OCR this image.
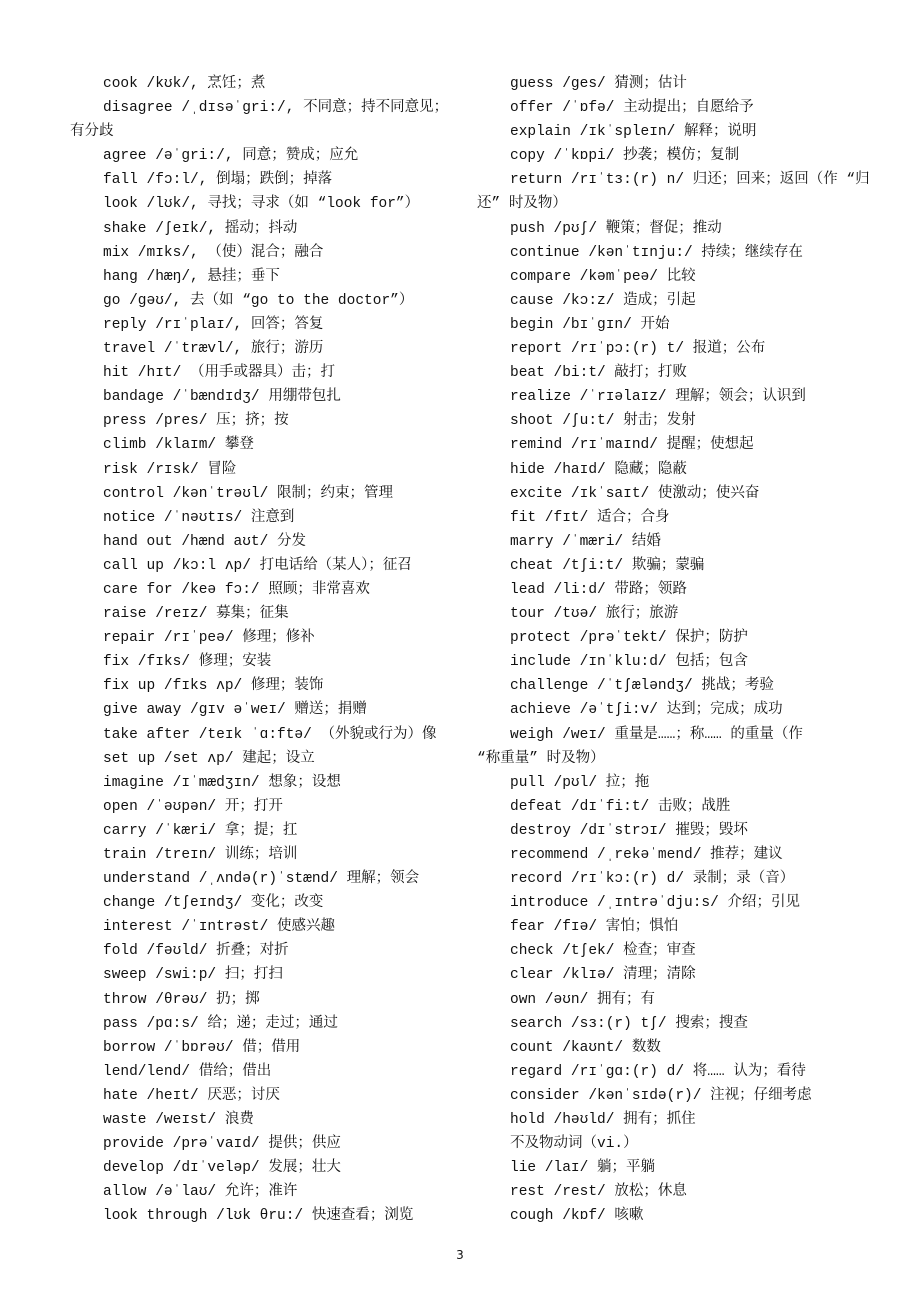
cook /kʊk/, 烹饪；煮
disagree /ˌdɪsəˈgri:/, 不同意；持不同意见；
有分歧
agree /əˈgri:/, 同意；赞成；应允
fall /fɔ:l/, 倒塌；跌倒；掉落
look /lʊk/, 寻找；寻求（如 “look for”）
shake /ʃeɪk/, 摇动；抖动
mix /mɪks/, （使）混合；融合
hang /hæŋ/, 悬挂；垂下
go /gəʊ/, 去（如 “go to the doctor”）
reply /rɪˈplaɪ/, 回答；答复
travel /ˈtrævl/, 旅行；游历
hit /hɪt/ （用手或器具）击；打
bandage /ˈbændɪdʒ/ 用绷带包扎
press /pres/ 压；挤；按
climb /klaɪm/ 攀登
risk /rɪsk/ 冒险
control /kənˈtrəʊl/ 限制；约束；管理
notice /ˈnəʊtɪs/ 注意到
hand out /hænd aʊt/ 分发
call up /kɔ:l ʌp/ 打电话给（某人）；征召
care for /keə fɔ:/ 照顾；非常喜欢
raise /reɪz/ 募集；征集
repair /rɪˈpeə/ 修理；修补
fix /fɪks/ 修理；安装
fix up /fɪks ʌp/ 修理；装饰
give away /gɪv əˈweɪ/ 赠送；捐赠
take after /teɪk ˈɑ:ftə/ （外貌或行为）像
set up /set ʌp/ 建起；设立
imagine /ɪˈmædʒɪn/ 想象；设想
open /ˈəʊpən/ 开；打开
carry /ˈkæri/ 拿；提；扛
train /treɪn/ 训练；培训
understand /ˌʌndə(r)ˈstænd/ 理解；领会
change /tʃeɪndʒ/ 变化；改变
interest /ˈɪntrəst/ 使感兴趣
fold /fəʊld/ 折叠；对折
sweep /swi:p/ 扫；打扫
throw /θrəʊ/ 扔；掷
pass /pɑ:s/ 给；递；走过；通过
borrow /ˈbɒrəʊ/ 借；借用
lend/lend/ 借给；借出
hate /heɪt/ 厌恶；讨厌
waste /weɪst/ 浪费
provide /prəˈvaɪd/ 提供；供应
develop /dɪˈveləp/ 发展；壮大
allow /əˈlaʊ/ 允许；准许
look through /lʊk θru:/ 快速查看；浏览
guess /ges/ 猜测；估计
offer /ˈɒfə/ 主动提出；自愿给予
explain /ɪkˈspleɪn/ 解释；说明
copy /ˈkɒpi/ 抄袭；模仿；复制
return /rɪˈtɜ:(r) n/ 归还；回来；返回（作 “归
还” 时及物）
push /pʊʃ/ 鞭策；督促；推动
continue /kənˈtɪnju:/ 持续；继续存在
compare /kəmˈpeə/ 比较
cause /kɔ:z/ 造成；引起
begin /bɪˈgɪn/ 开始
report /rɪˈpɔ:(r) t/ 报道；公布
beat /bi:t/ 敲打；打败
realize /ˈrɪəlaɪz/ 理解；领会；认识到
shoot /ʃu:t/ 射击；发射
remind /rɪˈmaɪnd/ 提醒；使想起
hide /haɪd/ 隐藏；隐蔽
excite /ɪkˈsaɪt/ 使激动；使兴奋
fit /fɪt/ 适合；合身
marry /ˈmæri/ 结婚
cheat /tʃi:t/ 欺骗；蒙骗
lead /li:d/ 带路；领路
tour /tʊə/ 旅行；旅游
protect /prəˈtekt/ 保护；防护
include /ɪnˈklu:d/ 包括；包含
challenge /ˈtʃæləndʒ/ 挑战；考验
achieve /əˈtʃi:v/ 达到；完成；成功
weigh /weɪ/ 重量是……；称…… 的重量（作
“称重量” 时及物）
pull /pʊl/ 拉；拖
defeat /dɪˈfi:t/ 击败；战胜
destroy /dɪˈstrɔɪ/ 摧毁；毁坏
recommend /ˌrekəˈmend/ 推荐；建议
record /rɪˈkɔ:(r) d/ 录制；录（音）
introduce /ˌɪntrəˈdju:s/ 介绍；引见
fear /fɪə/ 害怕；惧怕
check /tʃek/ 检查；审查
clear /klɪə/ 清理；清除
own /əʊn/ 拥有；有
search /sɜ:(r) tʃ/ 搜索；搜查
count /kaʊnt/ 数数
regard /rɪˈgɑ:(r) d/ 将…… 认为；看待
consider /kənˈsɪdə(r)/ 注视；仔细考虑
hold /həʊld/ 拥有；抓住
不及物动词（vi.）
lie /laɪ/ 躺；平躺
rest /rest/ 放松；休息
cough /kɒf/ 咳嗽
3
